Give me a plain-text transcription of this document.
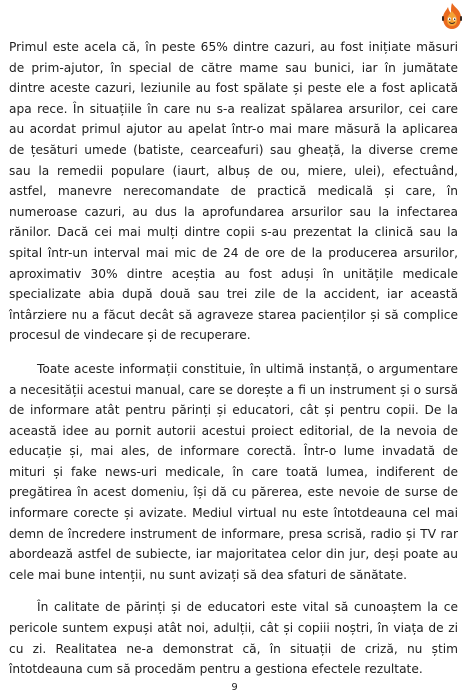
Primul este acela că, în peste 65% dintre cazuri, au fost inițiate măsuri de prim-ajutor, în special de către mame sau bunici, iar în jumătate dintre aceste cazuri, leziunile au fost spălate și peste ele a fost aplicată apa rece. În situațiile în care nu s-a realizat spălarea arsurilor, cei care au acordat primul ajutor au apelat într-o mai mare măsură la aplicarea de țesături umede (batiste, cearceafuri) sau gheață, la diverse creme sau la remedii populare (iaurt, albuș de ou, miere, ulei), efectuând, astfel, manevre nerecomandate de practică medicală și care, în numeroase cazuri, au dus la aprofundarea arsurilor sau la infectarea rănilor. Dacă cei mai mulți dintre copii s-au prezentat la clinică sau la spital într-un interval mai mic de 24 de ore de la producerea arsurilor, aproximativ 30% dintre aceștia au fost aduși în unitățile medicale specializate abia după două sau trei zile de la accident, iar această întârziere nu a făcut decât să agraveze starea pacienților și să complice procesul de vindecare și de recuperare.

Toate aceste informații constituie, în ultimă instanță, o argumentare a necesității acestui manual, care se dorește a fi un instrument și o sursă de informare atât pentru părinți și educatori, cât și pentru copii. De la această idee au pornit autorii acestui proiect editorial, de la nevoia de educație și, mai ales, de informare corectă. Într-o lume invadată de mituri și fake news-uri medicale, în care toată lumea, indiferent de pregătirea în acest domeniu, își dă cu părerea, este nevoie de surse de informare corecte și avizate. Mediul virtual nu este întotdeauna cel mai demn de încredere instrument de informare, presa scrisă, radio și TV rar abordează astfel de subiecte, iar majoritatea celor din jur, deși poate au cele mai bune intenții, nu sunt avizați să dea sfaturi de sănătate.

În calitate de părinți și de educatori este vital să cunoaștem la ce pericole suntem expuși atât noi, adulții, cât și copiii noștri, în viața de zi cu zi. Realitatea ne-a demonstrat că, în situații de criză, nu știm întotdeauna cum să procedăm pentru a gestiona efectele rezultate.

9
